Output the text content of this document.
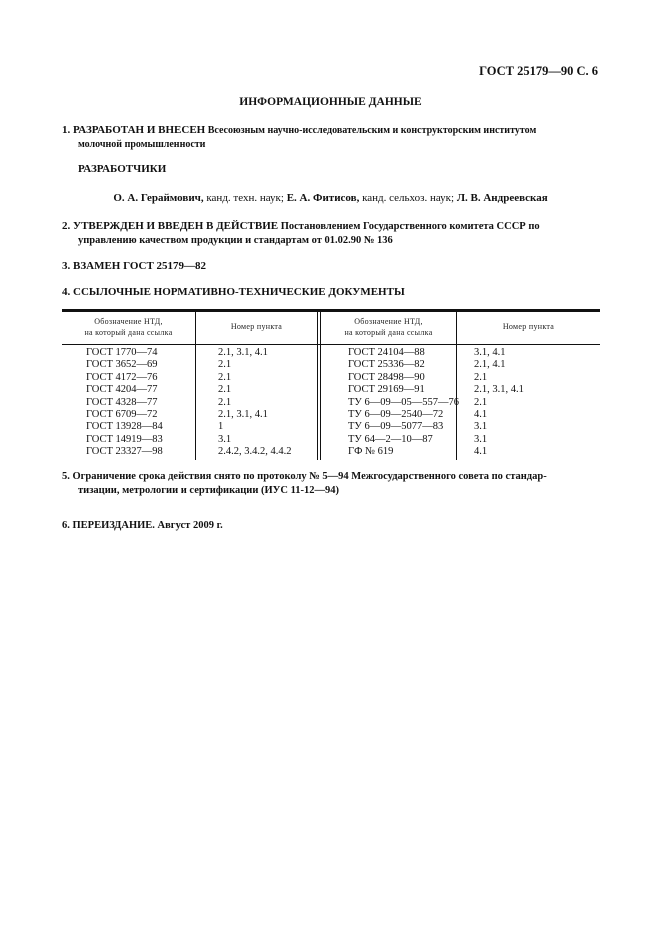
ГОСТ 25179—90 С. 6
ИНФОРМАЦИОННЫЕ ДАННЫЕ
1. РАЗРАБОТАН И ВНЕСЕН Всесоюзным научно-исследовательским и конструкторским институтом
молочной промышленности
РАЗРАБОТЧИКИ
О. А. Гераймович, канд. техн. наук; Е. А. Фитисов, канд. сельхоз. наук; Л. В. Андреевская
2. УТВЕРЖДЕН И ВВЕДЕН В ДЕЙСТВИЕ Постановлением Государственного комитета СССР по
управлению качеством продукции и стандартам от 01.02.90 № 136
3. ВЗАМЕН ГОСТ 25179—82
4. ССЫЛОЧНЫЕ НОРМАТИВНО-ТЕХНИЧЕСКИЕ ДОКУМЕНТЫ
Обозначение НТД,
на который дана ссылка
Номер пункта
Обозначение НТД,
на который дана ссылка
Номер пункта
ГОСТ 1770—74
ГОСТ 3652—69
ГОСТ 4172—76
ГОСТ 4204—77
ГОСТ 4328—77
ГОСТ 6709—72
ГОСТ 13928—84
ГОСТ 14919—83
ГОСТ 23327—98
2.1, 3.1, 4.1
2.1
2.1
2.1
2.1
2.1, 3.1, 4.1
1
3.1
2.4.2, 3.4.2, 4.4.2
ГОСТ 24104—88
ГОСТ 25336—82
ГОСТ 28498—90
ГОСТ 29169—91
ТУ 6—09—05—557—76
ТУ 6—09—2540—72
ТУ 6—09—5077—83
ТУ 64—2—10—87
ГФ № 619
3.1, 4.1
2.1, 4.1
2.1
2.1, 3.1, 4.1
2.1
4.1
3.1
3.1
4.1
5. Ограничение срока действия снято по протоколу № 5—94 Межгосударственного совета по стандар-
тизации, метрологии и сертификации (ИУС 11-12—94)
6. ПЕРЕИЗДАНИЕ. Август 2009 г.
